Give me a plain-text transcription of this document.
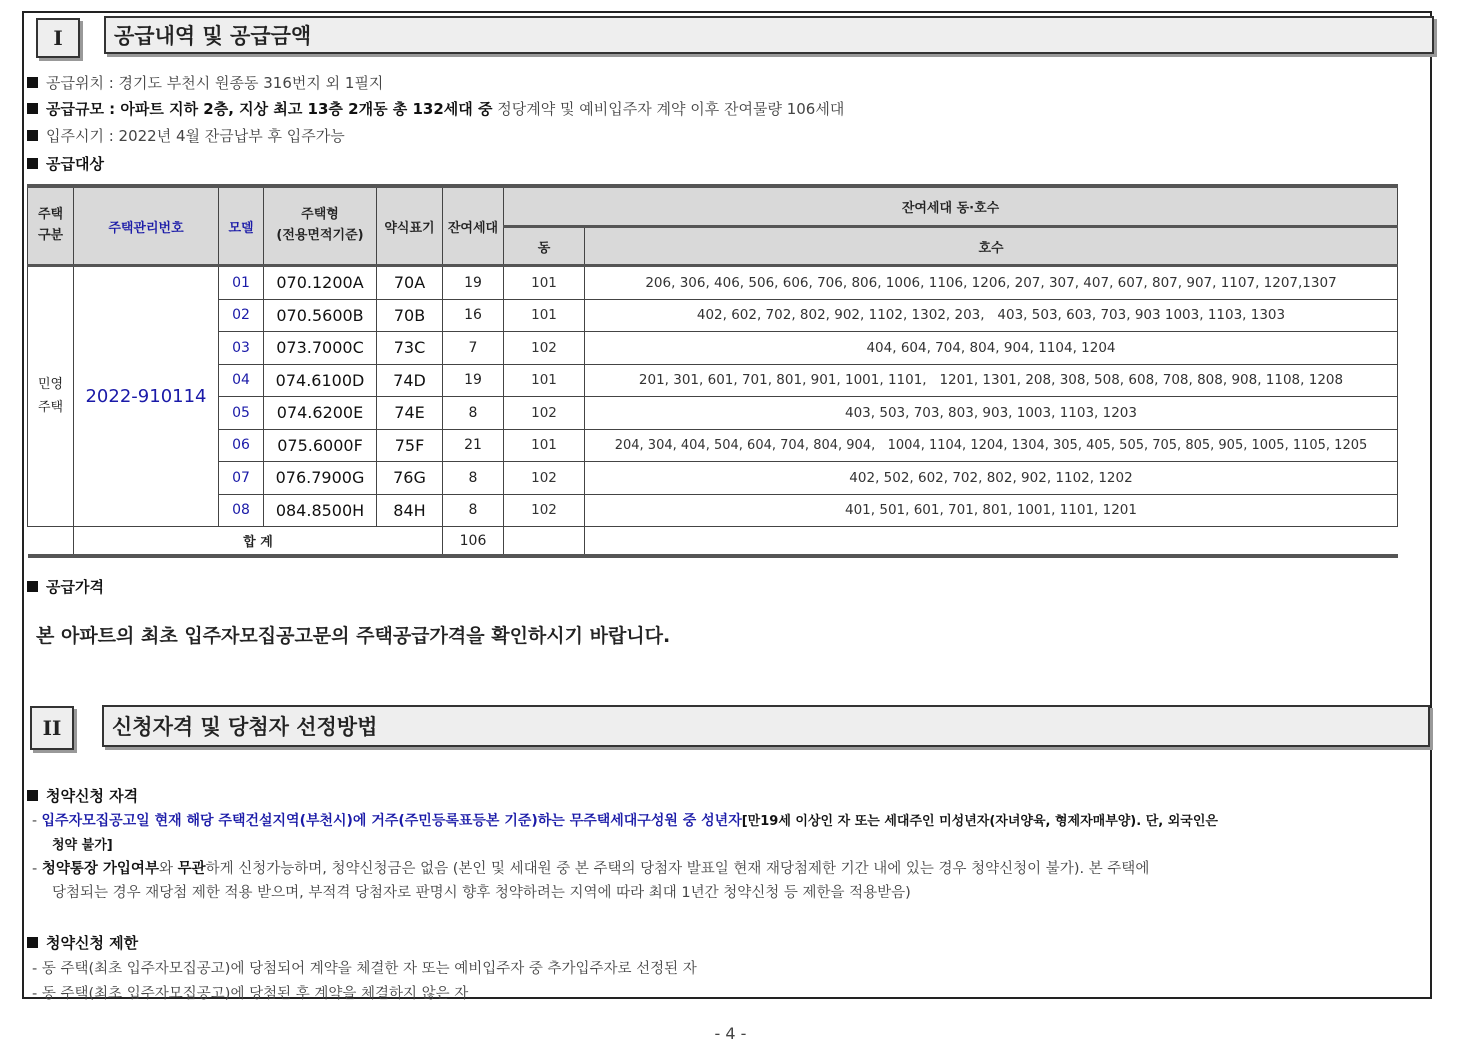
I	공급내역 및 공급금액
공급위치 : 경기도 부천시 원종동 316번지 외 1필지
공급규모 : 아파트 지하 2층, 지상 최고 13층 2개동 총 132세대 중 정당계약 및 예비입주자 계약 이후 잔여물량 106세대
입주시기 : 2022년 4월 잔금납부 후 입주가능
공급대상
주택
구분	주택관리번호	모델	주택형
(전용면적기준)	약식표기	잔여세대	잔여세대 동·호수	
						동	호수
민영
주택	2022-910114	01	070.1200A	70A	19	101	206, 306, 406, 506, 606, 706, 806, 1006, 1106, 1206, 207, 307, 407, 607, 807, 907, 1107, 1207,1307
		02	070.5600B	70B	16	101	402, 602, 702, 802, 902, 1102, 1302, 203,   403, 503, 603, 703, 903 1003, 1103, 1303
		03	073.7000C	73C	7	102	404, 604, 704, 804, 904, 1104, 1204
		04	074.6100D	74D	19	101	201, 301, 601, 701, 801, 901, 1001, 1101,   1201, 1301, 208, 308, 508, 608, 708, 808, 908, 1108, 1208
		05	074.6200E	74E	8	102	403, 503, 703, 803, 903, 1003, 1103, 1203
		06	075.6000F	75F	21	101	204, 304, 404, 504, 604, 704, 804, 904,   1004, 1104, 1204, 1304, 305, 405, 505, 705, 805, 905, 1005, 1105, 1205
		07	076.7900G	76G	8	102	402, 502, 602, 702, 802, 902, 1102, 1202
		08	084.8500H	84H	8	102	401, 501, 601, 701, 801, 1001, 1101, 1201
	합 계				106		
공급가격
본 아파트의 최초 입주자모집공고문의 주택공급가격을 확인하시기 바랍니다.
II	신청자격 및 당첨자 선정방법
청약신청 자격
- 입주자모집공고일 현재 해당 주택건설지역(부천시)에 거주(주민등록표등본 기준)하는 무주택세대구성원 중 성년자[만19세 이상인 자 또는 세대주인 미성년자(자녀양육, 형제자매부양). 단, 외국인은
청약 불가]
- 청약통장 가입여부와 무관하게 신청가능하며, 청약신청금은 없음 (본인 및 세대원 중 본 주택의 당첨자 발표일 현재 재당첨제한 기간 내에 있는 경우 청약신청이 불가). 본 주택에
당첨되는 경우 재당첨 제한 적용 받으며, 부적격 당첨자로 판명시 향후 청약하려는 지역에 따라 최대 1년간 청약신청 등 제한을 적용받음)
청약신청 제한
- 동 주택(최초 입주자모집공고)에 당첨되어 계약을 체결한 자 또는 예비입주자 중 추가입주자로 선정된 자
- 동 주택(최초 입주자모집공고)에 당첨된 후 계약을 체결하지 않은 자
- 4 -
